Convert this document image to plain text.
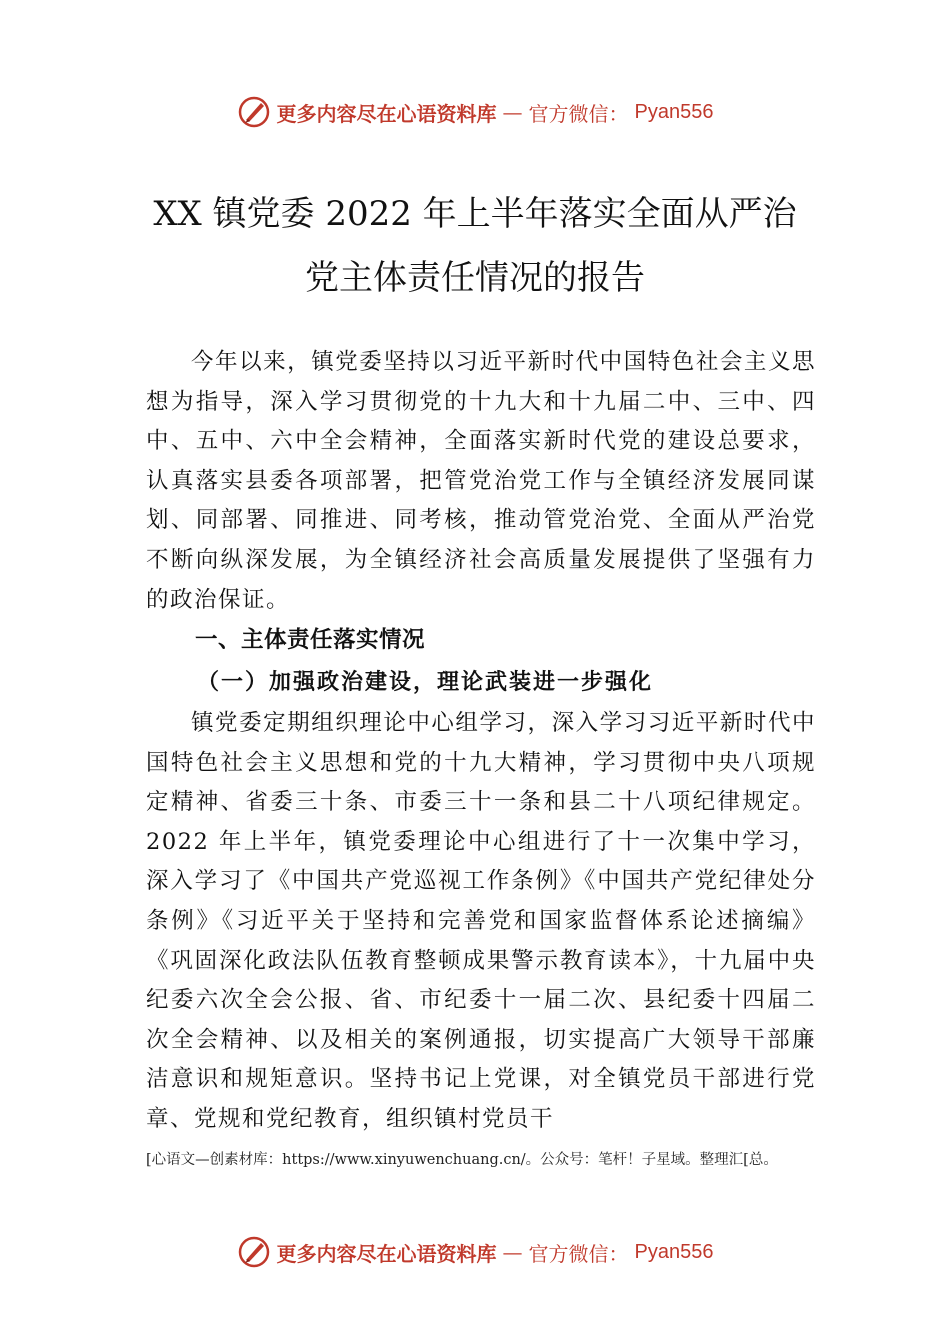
更多内容尽在心语资料库 — 官方微信： Pyan556
XX 镇党委 2022 年上半年落实全面从严治
党主体责任情况的报告

今年以来，镇党委坚持以习近平新时代中国特色社会主义思想为指导，深入学习贯彻党的十九大和十九届二中、三中、四中、五中、六中全会精神，全面落实新时代党的建设总要求，认真落实县委各项部署，把管党治党工作与全镇经济发展同谋划、同部署、同推进、同考核，推动管党治党、全面从严治党不断向纵深发展，为全镇经济社会高质量发展提供了坚强有力的政治保证。

一、主体责任落实情况
（一）加强政治建设，理论武装进一步强化

镇党委定期组织理论中心组学习，深入学习习近平新时代中国特色社会主义思想和党的十九大精神，学习贯彻中央八项规定精神、省委三十条、市委三十一条和县二十八项纪律规定。2022 年上半年，镇党委理论中心组进行了十一次集中学习，深入学习了《中国共产党巡视工作条例》《中国共产党纪律处分条例》《习近平关于坚持和完善党和国家监督体系论述摘编》《巩固深化政法队伍教育整顿成果警示教育读本》，十九届中央纪委六次全会公报、省、市纪委十一届二次、县纪委十四届二次全会精神、以及相关的案例通报，切实提高广大领导干部廉洁意识和规矩意识。坚持书记上党课，对全镇党员干部进行党章、党规和党纪教育，组织镇村党员干

[心语文—创素材库：https://www.xinyuwenchuang.cn/。公众号：笔杆！子星域。整理汇[总。

更多内容尽在心语资料库 — 官方微信： Pyan556
